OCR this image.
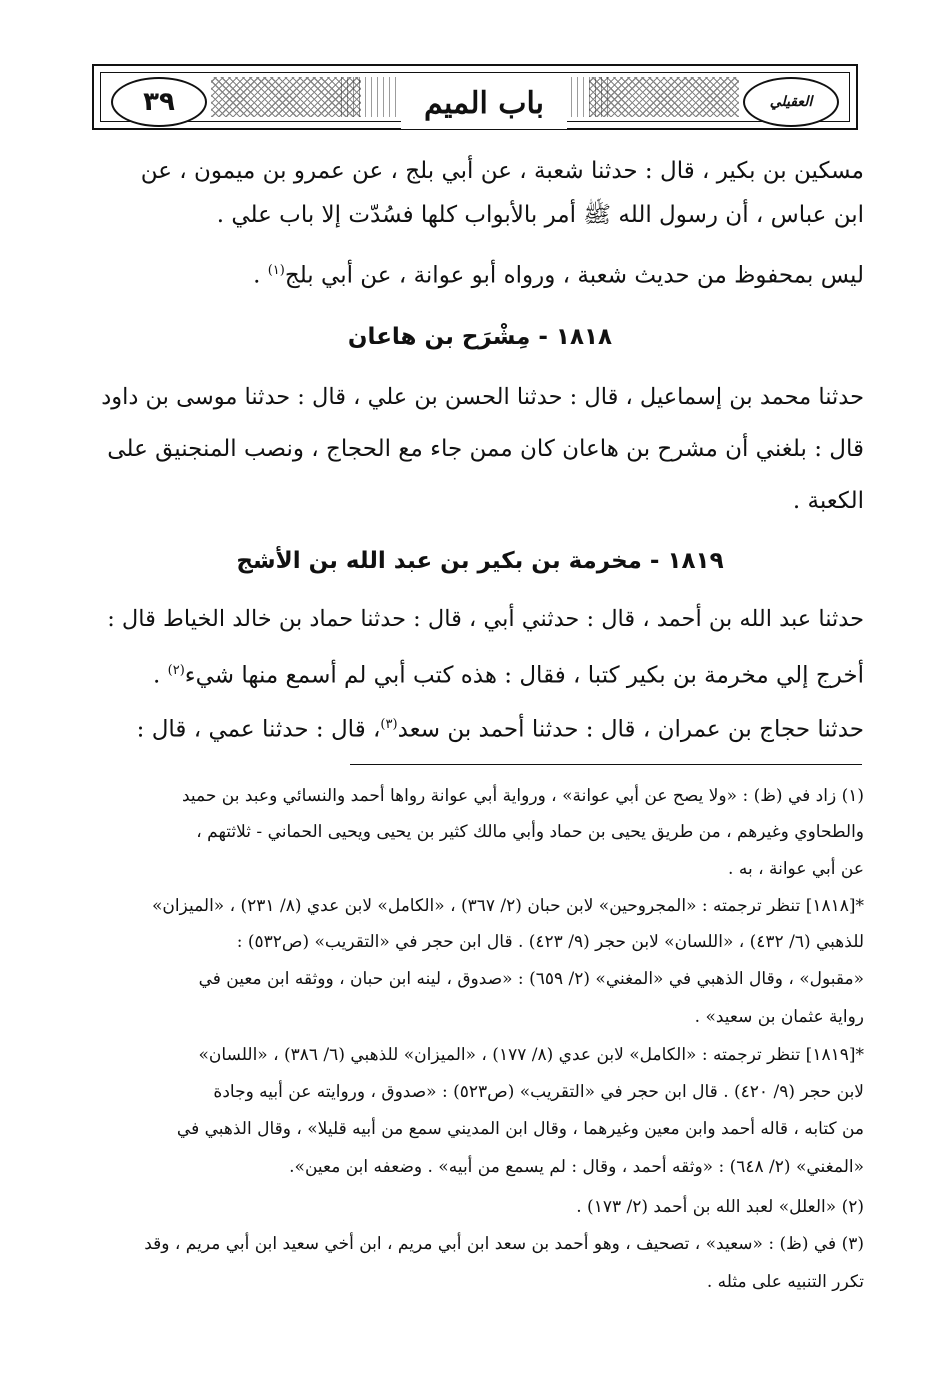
٣٩	باب الميم	العقيلي
مسكين بن بكير ، قال : حدثنا شعبة ، عن أبي بلج ، عن عمرو بن ميمون ، عن
ابن عباس ، أن رسول الله ﷺ أمر بالأبواب كلها فسُدّت إلا باب علي .
ليس بمحفوظ من حديث شعبة ، ورواه أبو عوانة ، عن أبي بلج$^{(١)}$ .
١٨١٨ - مِشْرَح بن هاعان
حدثنا محمد بن إسماعيل ، قال : حدثنا الحسن بن علي ، قال : حدثنا موسى بن داود
قال : بلغني أن مشرح بن هاعان كان ممن جاء مع الحجاج ، ونصب المنجنيق على
الكعبة .
١٨١٩ - مخرمة بن بكير بن عبد الله بن الأشج
حدثنا عبد الله بن أحمد ، قال : حدثني أبي ، قال : حدثنا حماد بن خالد الخياط قال :
أخرج إلي مخرمة بن بكير كتبا ، فقال : هذه كتب أبي لم أسمع منها شيء$^{(٢)}$ .
حدثنا حجاج بن عمران ، قال : حدثنا أحمد بن سعد$^{(٣)}$، قال : حدثنا عمي ، قال :
(١) زاد في (ظ) : «ولا يصح عن أبي عوانة» ، ورواية أبي عوانة رواها أحمد والنسائي وعبد بن حميد
والطحاوي وغيرهم ، من طريق يحيى بن حماد وأبي مالك كثير بن يحيى ويحيى الحماني - ثلاثتهم ،
عن أبي عوانة ، به .
*[١٨١٨] تنظر ترجمته : «المجروحين» لابن حبان (٢/ ٣٦٧) ، «الكامل» لابن عدي (٨/ ٢٣١) ، «الميزان»
للذهبي (٦/ ٤٣٢) ، «اللسان» لابن حجر (٩/ ٤٢٣) . قال ابن حجر في «التقريب» (ص٥٣٢) :
«مقبول» ، وقال الذهبي في «المغني» (٢/ ٦٥٩) : «صدوق ، لينه ابن حبان ، ووثقه ابن معين في
رواية عثمان بن سعيد» .
*[١٨١٩] تنظر ترجمته : «الكامل» لابن عدي (٨/ ١٧٧) ، «الميزان» للذهبي (٦/ ٣٨٦) ، «اللسان»
لابن حجر (٩/ ٤٢٠) . قال ابن حجر في «التقريب» (ص٥٢٣) : «صدوق ، وروايته عن أبيه وجادة
من كتابه ، قاله أحمد وابن معين وغيرهما ، وقال ابن المديني سمع من أبيه قليلا» ، وقال الذهبي في
«المغني» (٢/ ٦٤٨) : «وثقه أحمد ، وقال : لم يسمع من أبيه» . وضعفه ابن معين».
(٢) «العلل» لعبد الله بن أحمد (٢/ ١٧٣) .
(٣) في (ظ) : «سعيد» ، تصحيف ، وهو أحمد بن سعد ابن أبي مريم ، ابن أخي سعيد ابن أبي مريم ، وقد
تكرر التنبيه على مثله .
